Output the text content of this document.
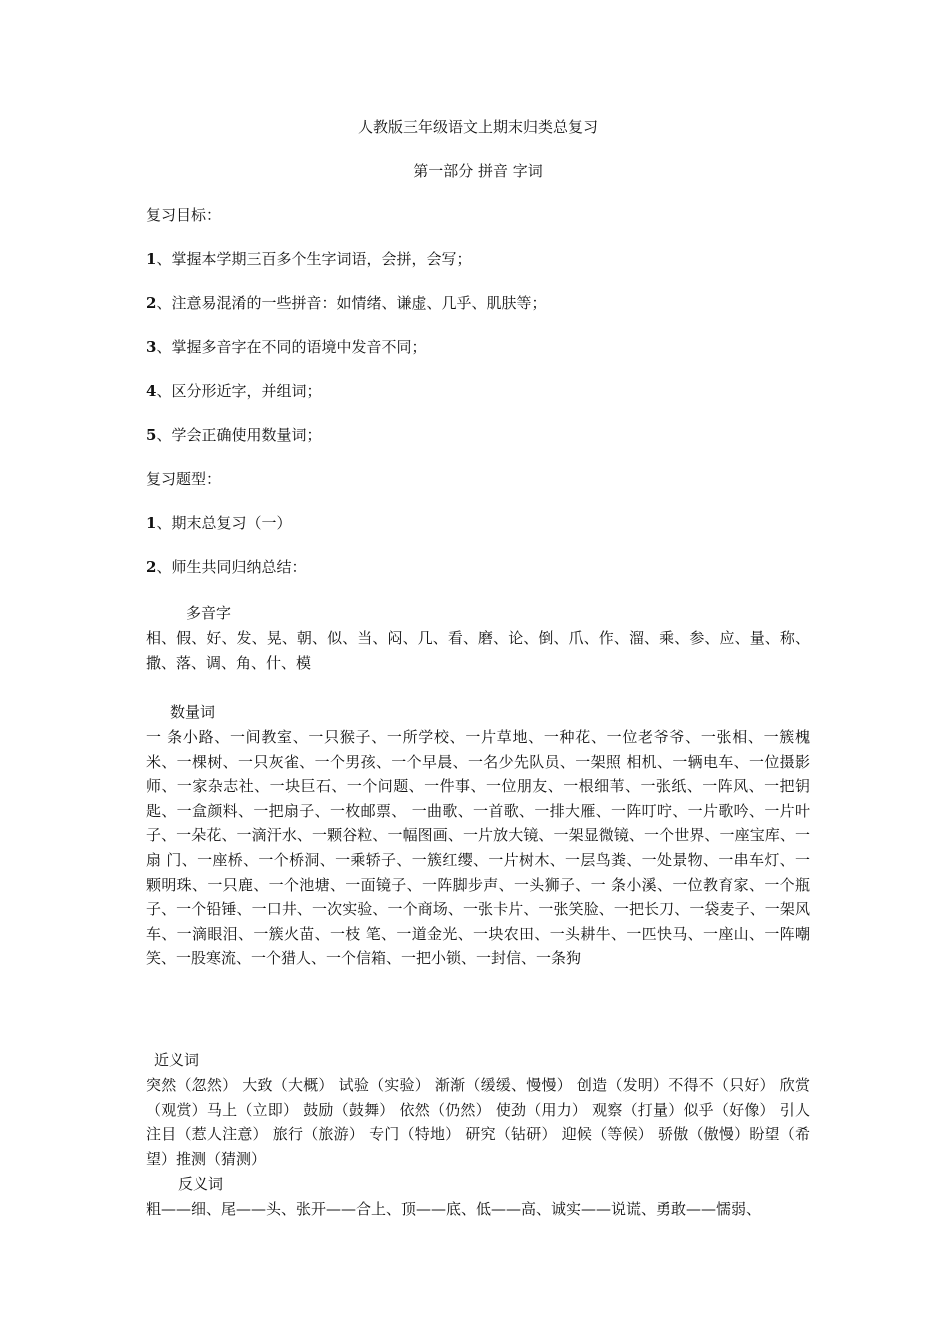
人教版三年级语文上期末归类总复习
第一部分 拼音 字词

复习目标：

1、掌握本学期三百多个生字词语，会拼，会写；

2、注意易混淆的一些拼音：如情绪、谦虚、几乎、肌肤等；

3、掌握多音字在不同的语境中发音不同；

4、区分形近字，并组词；

5、学会正确使用数量词；

复习题型：

1、期末总复习（一）

2、师生共同归纳总结：

多音字

相、假、好、发、晃、朝、似、当、闷、几、看、磨、论、倒、爪、作、溜、乘、参、应、量、称、撒、落、调、角、什、模

数量词

一 条小路、一间教室、一只猴子、一所学校、一片草地、一种花、一位老爷爷、一张相、一簇槐米、一棵树、一只灰雀、一个男孩、一个早晨、一名少先队员、一架照 相机、一辆电车、一位摄影师、一家杂志社、一块巨石、一个问题、一件事、一位朋友、一根细苇、一张纸、一阵风、一把钥匙、一盒颜料、一把扇子、一枚邮票、 一曲歌、一首歌、一排大雁、一阵叮咛、一片歌吟、一片叶子、一朵花、一滴汗水、一颗谷粒、一幅图画、一片放大镜、一架显微镜、一个世界、一座宝库、一扇 门、一座桥、一个桥洞、一乘轿子、一簇红缨、一片树木、一层鸟粪、一处景物、一串车灯、一颗明珠、一只鹿、一个池塘、一面镜子、一阵脚步声、一头狮子、一 条小溪、一位教育家、一个瓶子、一个铅锤、一口井、一次实验、一个商场、一张卡片、一张笑脸、一把长刀、一袋麦子、一架风车、一滴眼泪、一簇火苗、一枝 笔、一道金光、一块农田、一头耕牛、一匹快马、一座山、一阵嘲笑、一股寒流、一个猎人、一个信箱、一把小锁、一封信、一条狗

近义词

突然（忽然） 大致（大概） 试验（实验） 渐渐（缓缓、慢慢） 创造（发明）不得不（只好） 欣赏（观赏）马上（立即） 鼓励（鼓舞） 依然（仍然） 使劲（用力） 观察（打量）似乎（好像） 引人注目（惹人注意） 旅行（旅游） 专门（特地） 研究（钻研） 迎候（等候） 骄傲（傲慢）盼望（希望）推测（猜测）

反义词

粗——细、尾——头、张开——合上、顶——底、低——高、诚实——说谎、勇敢——懦弱、
